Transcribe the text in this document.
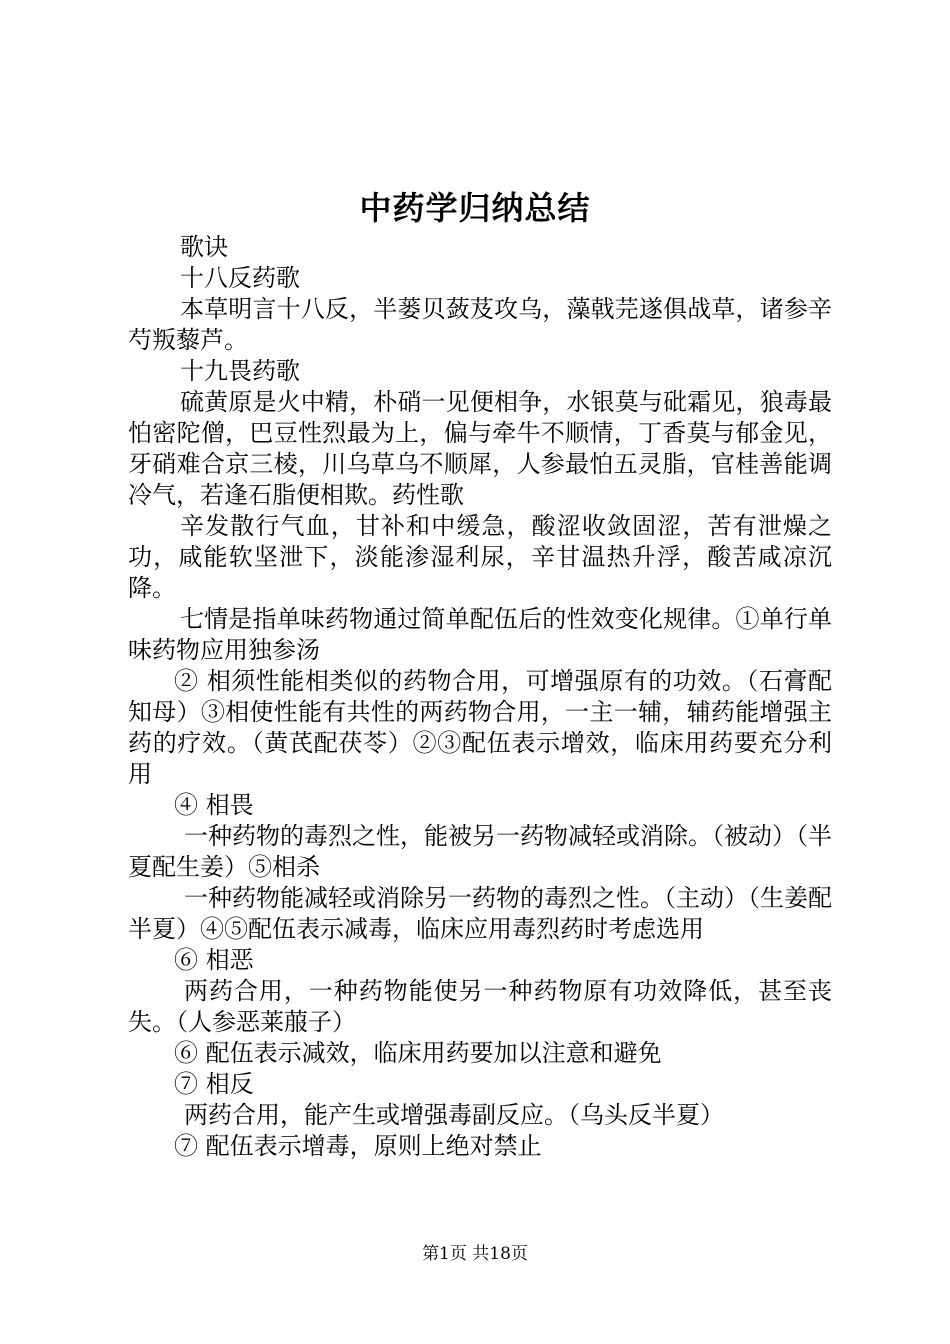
中药学归纳总结

歌诀

十八反药歌

本草明言十八反，半蒌贝蔹芨攻乌，藻戟芫遂俱战草，诸参辛芍叛藜芦。

十九畏药歌

硫黄原是火中精，朴硝一见便相争，水银莫与砒霜见，狼毒最怕密陀僧，巴豆性烈最为上，偏与牵牛不顺情，丁香莫与郁金见，牙硝难合京三棱，川乌草乌不顺犀，人参最怕五灵脂，官桂善能调冷气，若逢石脂便相欺。药性歌

辛发散行气血，甘补和中缓急，酸涩收敛固涩，苦有泄燥之功，咸能软坚泄下，淡能渗湿利尿，辛甘温热升浮，酸苦咸凉沉降。

七情是指单味药物通过简单配伍后的性效变化规律。①单行单味药物应用独参汤

② 相须性能相类似的药物合用，可增强原有的功效。（石膏配知母）③相使性能有共性的两药物合用，一主一辅，辅药能增强主药的疗效。（黄芪配茯苓）②③配伍表示增效，临床用药要充分利用

④ 相畏

一种药物的毒烈之性，能被另一药物减轻或消除。（被动）（半夏配生姜）⑤相杀

一种药物能减轻或消除另一药物的毒烈之性。（主动）（生姜配半夏）④⑤配伍表示减毒，临床应用毒烈药时考虑选用

⑥ 相恶

两药合用，一种药物能使另一种药物原有功效降低，甚至丧失。（人参恶莱菔子）

⑥ 配伍表示减效，临床用药要加以注意和避免

⑦ 相反

两药合用，能产生或增强毒副反应。（乌头反半夏）

⑦ 配伍表示增毒，原则上绝对禁止

第1页 共18页
